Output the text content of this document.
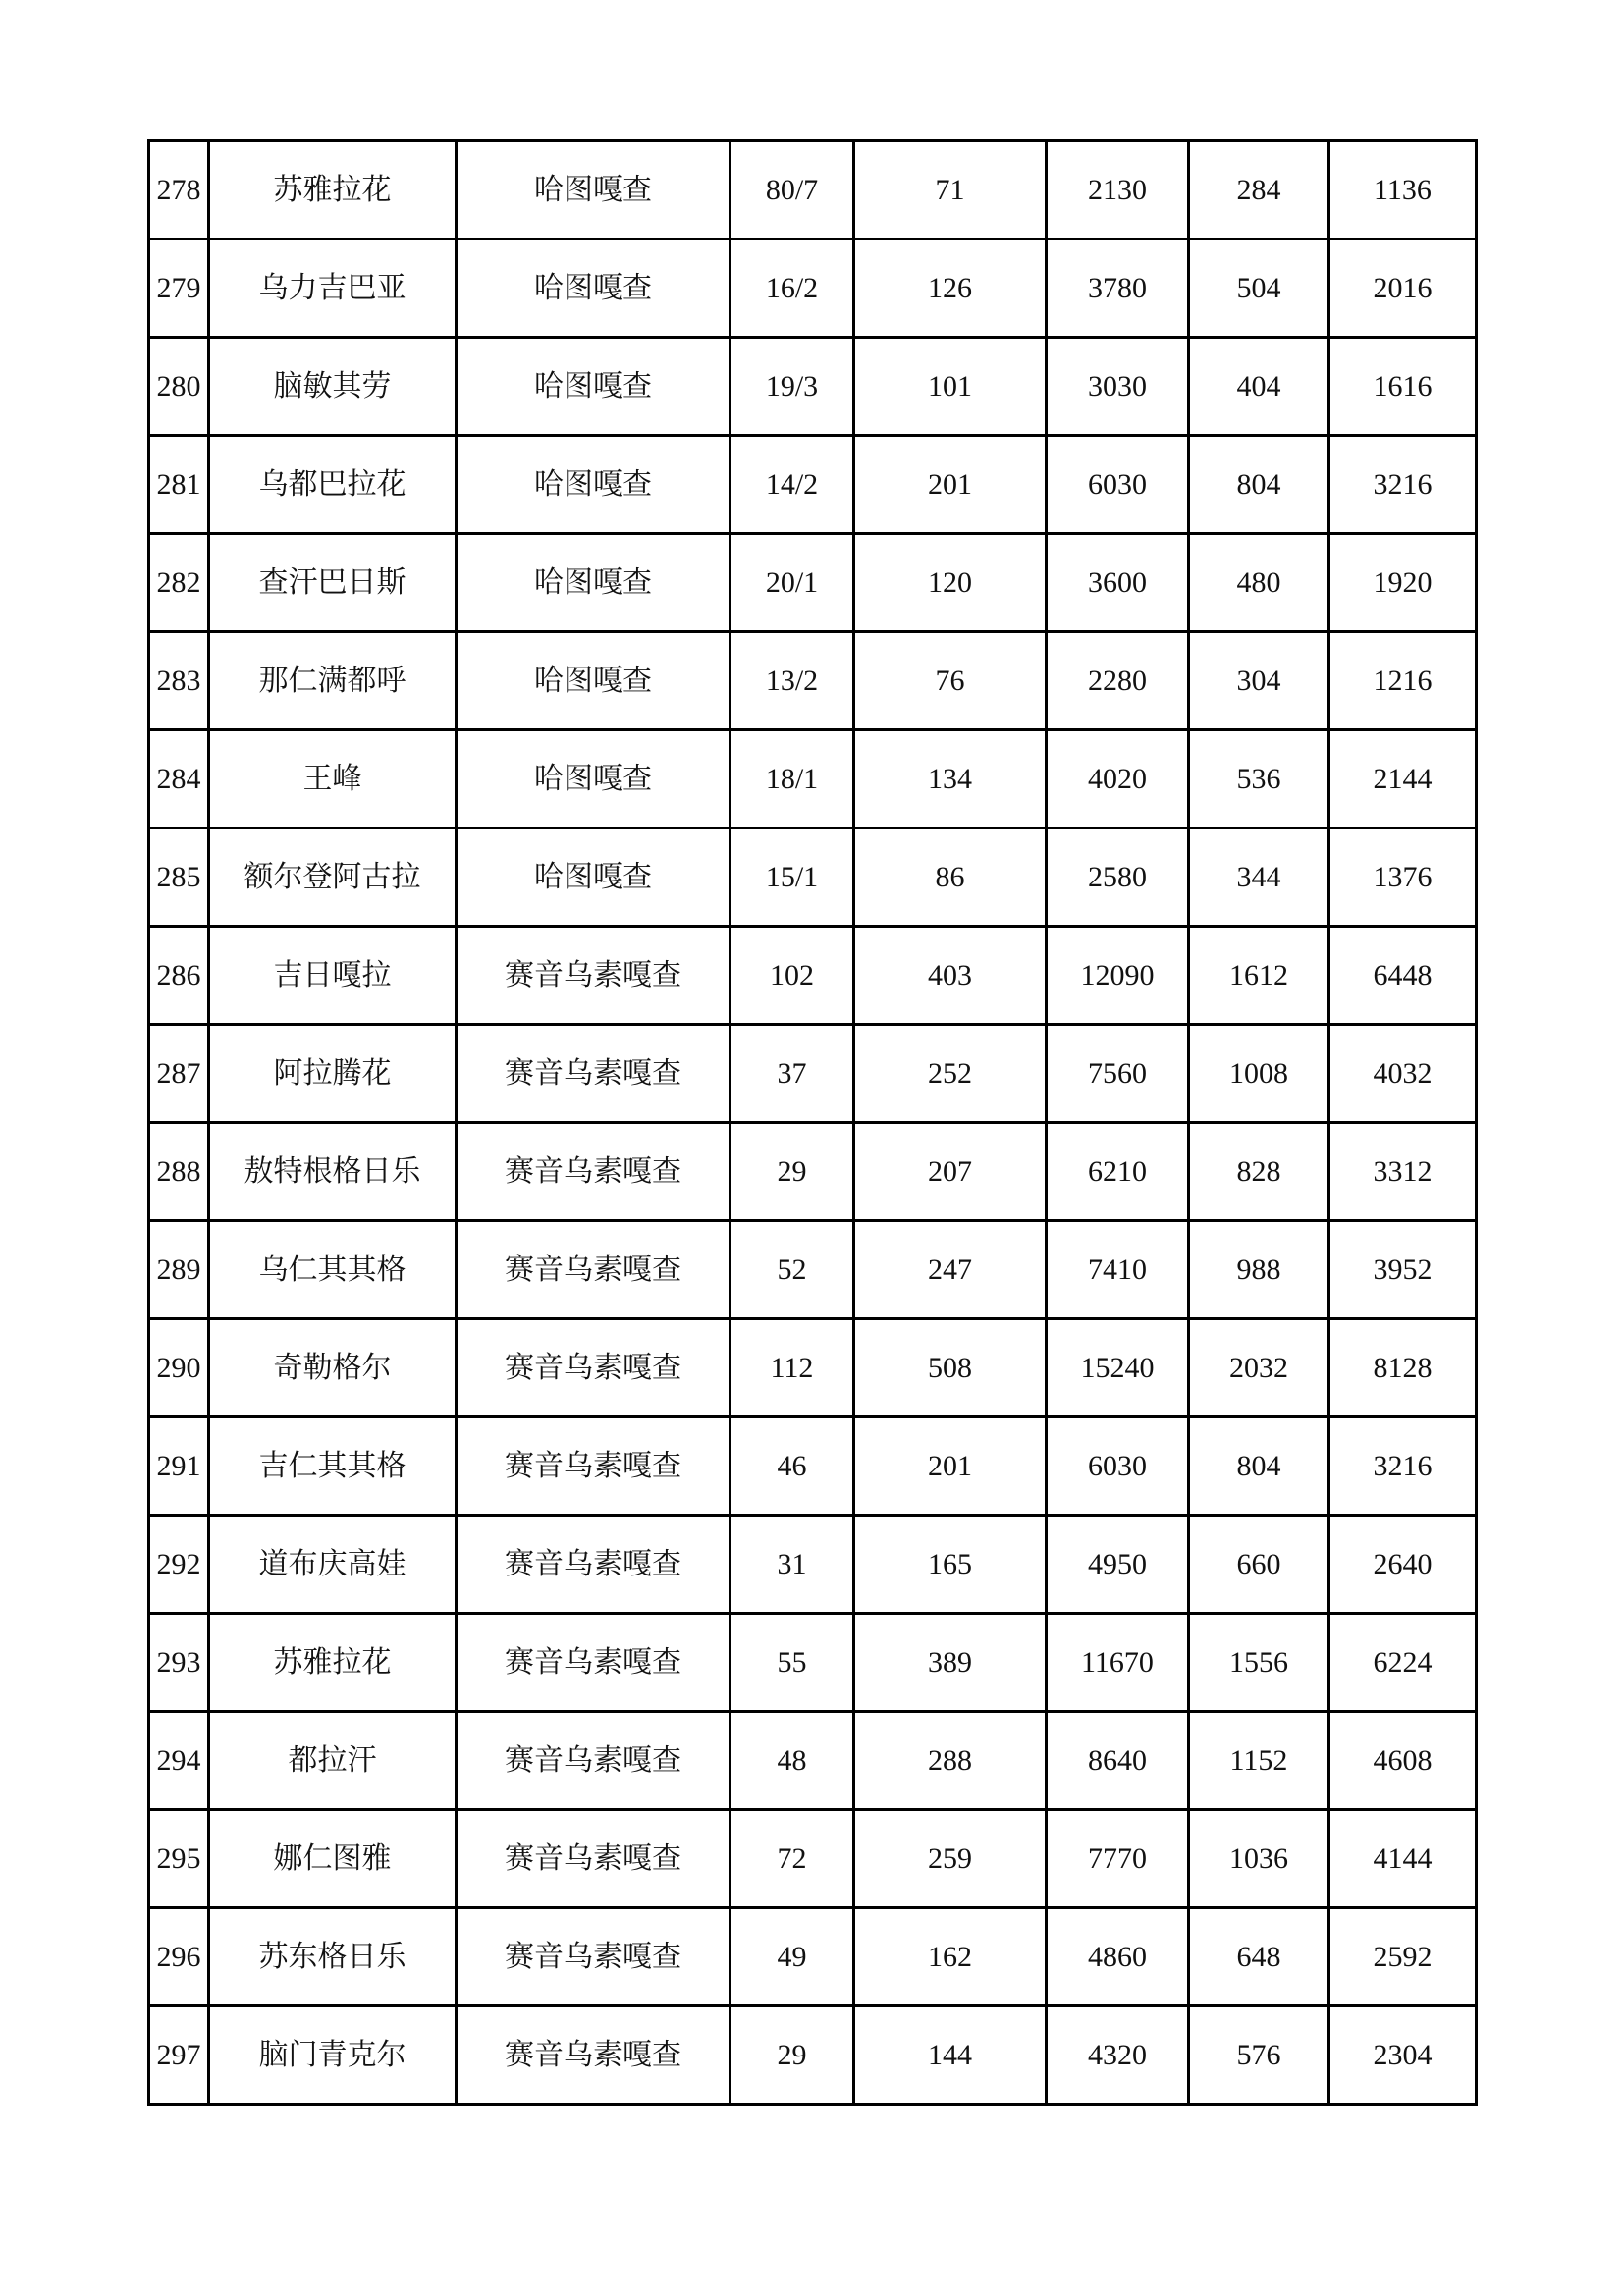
278	苏雅拉花	哈图嘎查	80/7	71	2130	284	1136
279	乌力吉巴亚	哈图嘎查	16/2	126	3780	504	2016
280	脑敏其劳	哈图嘎查	19/3	101	3030	404	1616
281	乌都巴拉花	哈图嘎查	14/2	201	6030	804	3216
282	查汗巴日斯	哈图嘎查	20/1	120	3600	480	1920
283	那仁满都呼	哈图嘎查	13/2	76	2280	304	1216
284	王峰	哈图嘎查	18/1	134	4020	536	2144
285	额尔登阿古拉	哈图嘎查	15/1	86	2580	344	1376
286	吉日嘎拉	赛音乌素嘎查	102	403	12090	1612	6448
287	阿拉腾花	赛音乌素嘎查	37	252	7560	1008	4032
288	敖特根格日乐	赛音乌素嘎查	29	207	6210	828	3312
289	乌仁其其格	赛音乌素嘎查	52	247	7410	988	3952
290	奇勒格尔	赛音乌素嘎查	112	508	15240	2032	8128
291	吉仁其其格	赛音乌素嘎查	46	201	6030	804	3216
292	道布庆高娃	赛音乌素嘎查	31	165	4950	660	2640
293	苏雅拉花	赛音乌素嘎查	55	389	11670	1556	6224
294	都拉汗	赛音乌素嘎查	48	288	8640	1152	4608
295	娜仁图雅	赛音乌素嘎查	72	259	7770	1036	4144
296	苏东格日乐	赛音乌素嘎查	49	162	4860	648	2592
297	脑门青克尔	赛音乌素嘎查	29	144	4320	576	2304
